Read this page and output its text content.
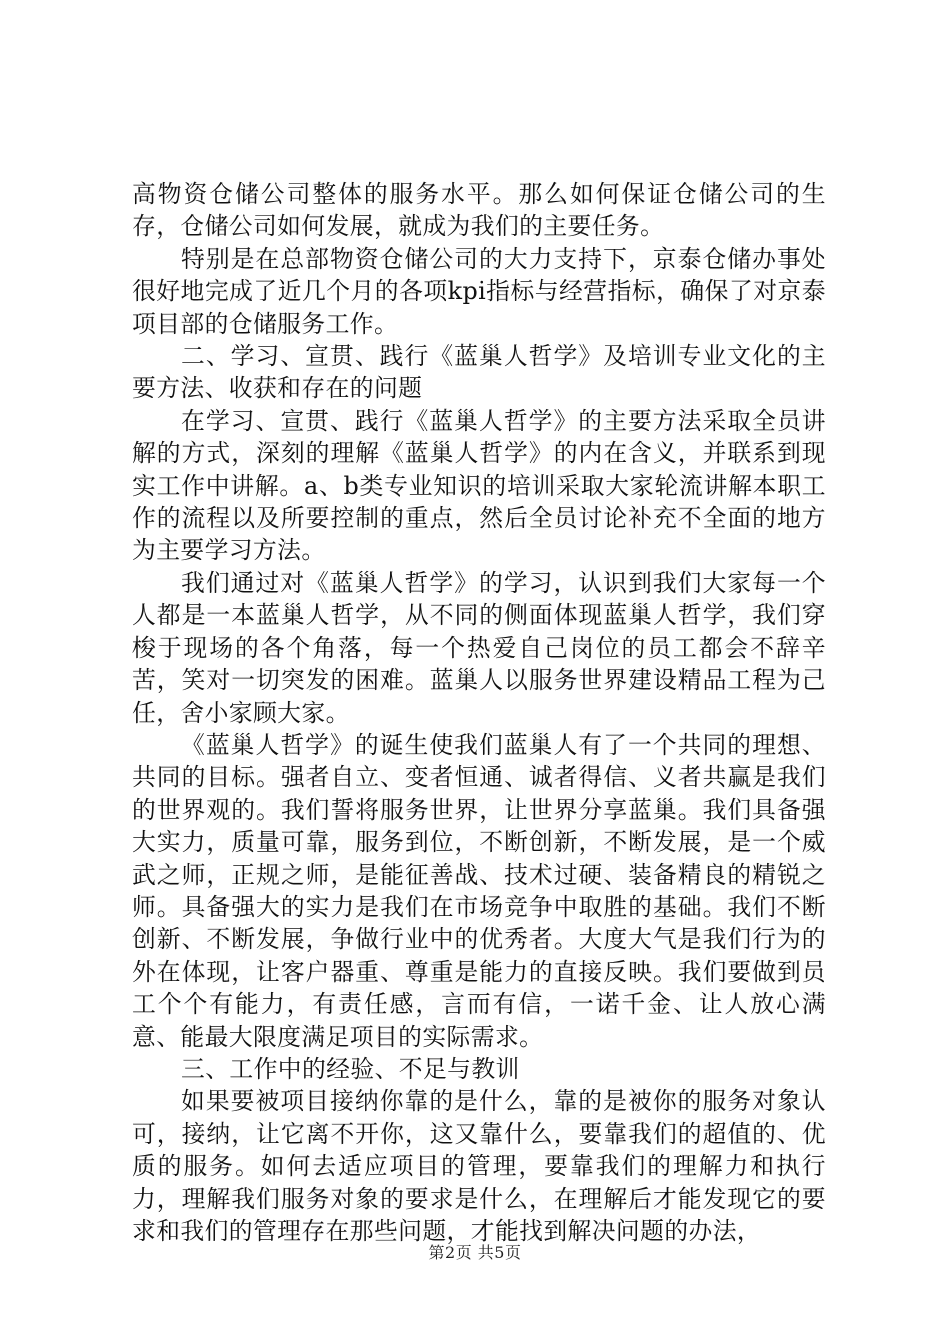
高物资仓储公司整体的服务水平。那么如何保证仓储公司的生存，仓储公司如何发展，就成为我们的主要任务。

特别是在总部物资仓储公司的大力支持下，京泰仓储办事处很好地完成了近几个月的各项kpi指标与经营指标，确保了对京泰项目部的仓储服务工作。

二、学习、宣贯、践行《蓝巢人哲学》及培训专业文化的主要方法、收获和存在的问题

在学习、宣贯、践行《蓝巢人哲学》的主要方法采取全员讲解的方式，深刻的理解《蓝巢人哲学》的内在含义，并联系到现实工作中讲解。a、b类专业知识的培训采取大家轮流讲解本职工作的流程以及所要控制的重点，然后全员讨论补充不全面的地方为主要学习方法。

我们通过对《蓝巢人哲学》的学习，认识到我们大家每一个人都是一本蓝巢人哲学，从不同的侧面体现蓝巢人哲学，我们穿梭于现场的各个角落，每一个热爱自己岗位的员工都会不辞辛苦，笑对一切突发的困难。蓝巢人以服务世界建设精品工程为己任，舍小家顾大家。

《蓝巢人哲学》的诞生使我们蓝巢人有了一个共同的理想、共同的目标。强者自立、变者恒通、诚者得信、义者共赢是我们的世界观的。我们誓将服务世界，让世界分享蓝巢。我们具备强大实力，质量可靠，服务到位，不断创新，不断发展，是一个威武之师，正规之师，是能征善战、技术过硬、装备精良的精锐之师。具备强大的实力是我们在市场竞争中取胜的基础。我们不断创新、不断发展，争做行业中的优秀者。大度大气是我们行为的外在体现，让客户器重、尊重是能力的直接反映。我们要做到员工个个有能力，有责任感，言而有信，一诺千金、让人放心满意、能最大限度满足项目的实际需求。

三、工作中的经验、不足与教训

如果要被项目接纳你靠的是什么，靠的是被你的服务对象认可，接纳，让它离不开你，这又靠什么，要靠我们的超值的、优质的服务。如何去适应项目的管理，要靠我们的理解力和执行力，理解我们服务对象的要求是什么，在理解后才能发现它的要求和我们的管理存在那些问题，才能找到解决问题的办法，

第2页 共5页
